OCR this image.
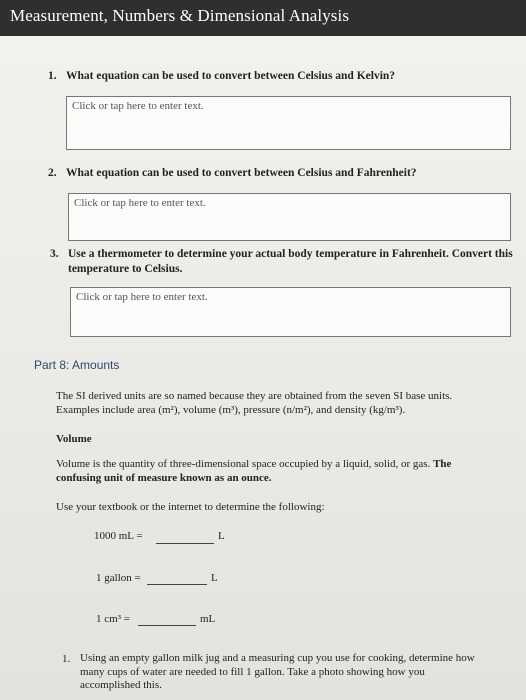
Measurement, Numbers & Dimensional Analysis
1. What equation can be used to convert between Celsius and Kelvin?
Click or tap here to enter text.
2. What equation can be used to convert between Celsius and Fahrenheit?
Click or tap here to enter text.
3. Use a thermometer to determine your actual body temperature in Fahrenheit. Convert this
temperature to Celsius.
Click or tap here to enter text.
Part 8: Amounts
The SI derived units are so named because they are obtained from the seven SI base units.
Examples include area (m²), volume (m³), pressure (n/m²), and density (kg/m³).
Volume
Volume is the quantity of three-dimensional space occupied by a liquid, solid, or gas. The
confusing unit of measure known as an ounce.
Use your textbook or the internet to determine the following:
1000 mL =	L
1 gallon =	L
1 cm³ =	mL
1. Using an empty gallon milk jug and a measuring cup you use for cooking, determine how
many cups of water are needed to fill 1 gallon. Take a photo showing how you
accomplished this.
